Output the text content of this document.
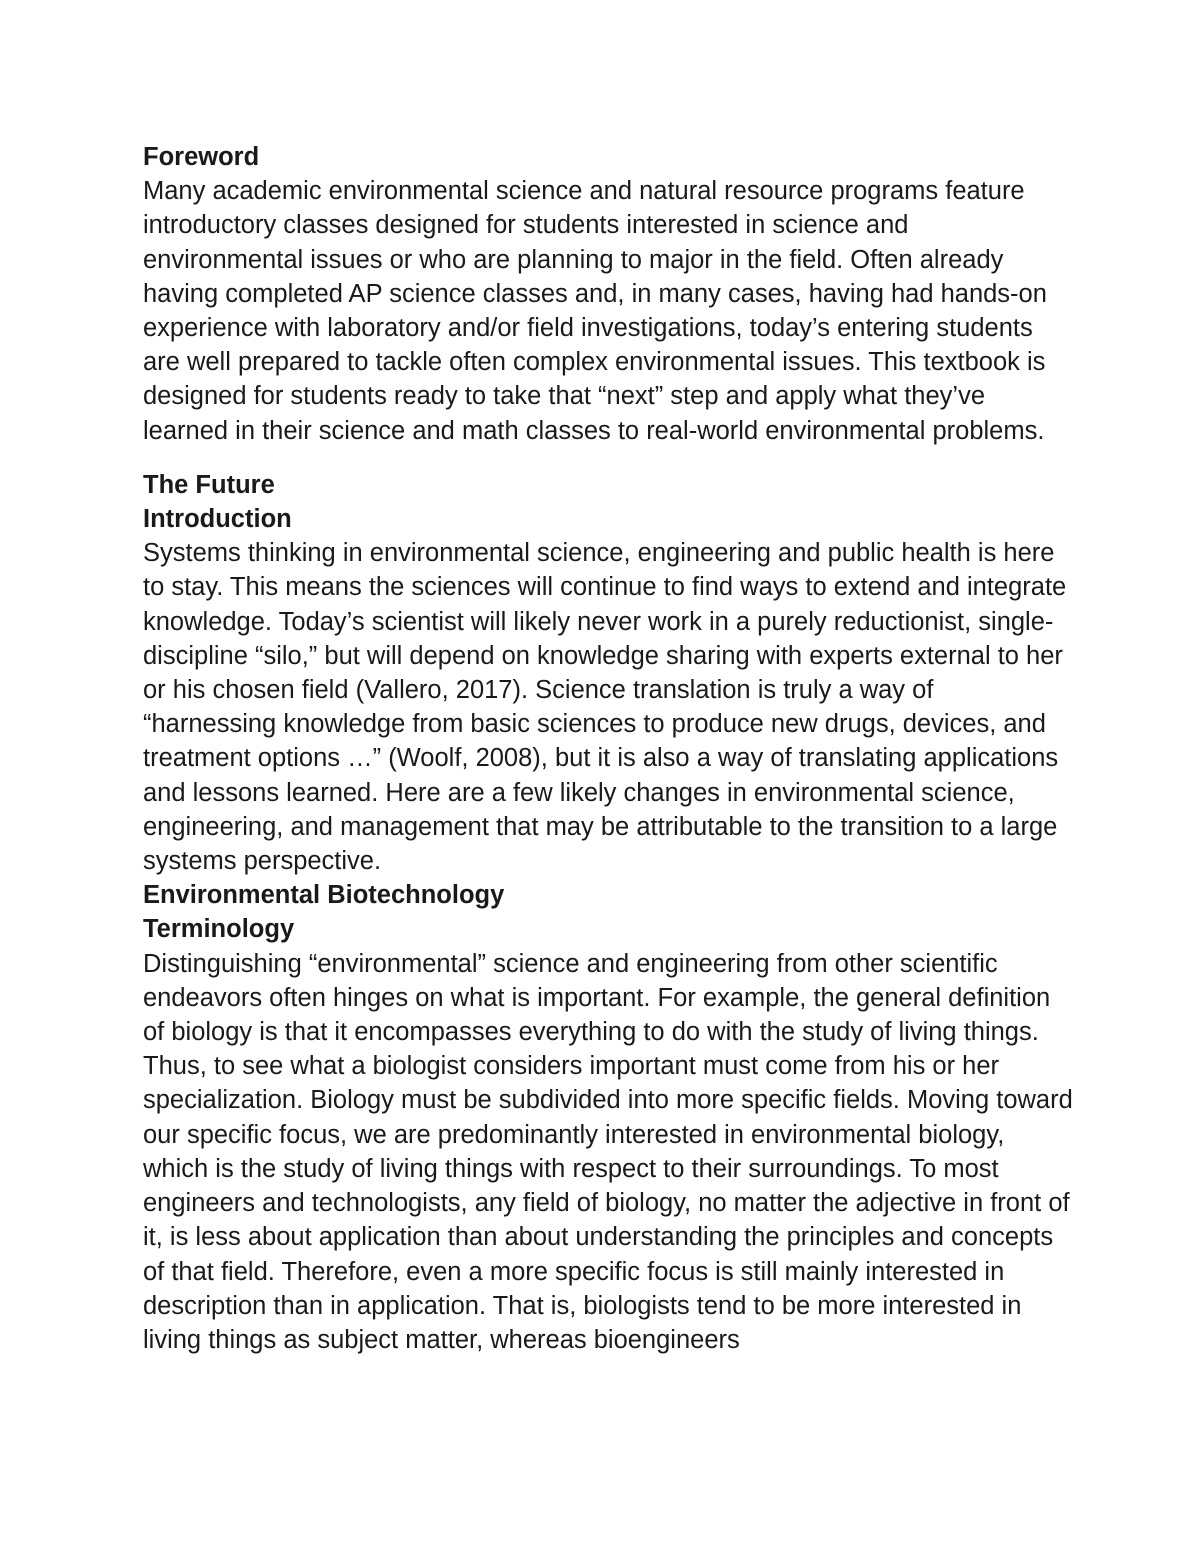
Foreword

Many academic environmental science and natural resource programs feature introductory classes designed for students interested in science and environmental issues or who are planning to major in the field. Often already having completed AP science classes and, in many cases, having had hands-on experience with laboratory and/or field investigations, today’s entering students are well prepared to tackle often complex environmental issues. This textbook is designed for students ready to take that “next” step and apply what they’ve learned in their science and math classes to real-world environmental problems.

The Future

Introduction

Systems thinking in environmental science, engineering and public health is here to stay. This means the sciences will continue to find ways to extend and integrate knowledge. Today’s scientist will likely never work in a purely reductionist, single-discipline “silo,” but will depend on knowledge sharing with experts external to her or his chosen field (Vallero, 2017). Science translation is truly a way of “harnessing knowledge from basic sciences to produce new drugs, devices, and treatment options …” (Woolf, 2008), but it is also a way of translating applications and lessons learned. Here are a few likely changes in environmental science, engineering, and management that may be attributable to the transition to a large systems perspective.

Environmental Biotechnology

Terminology

Distinguishing “environmental” science and engineering from other scientific endeavors often hinges on what is important. For example, the general definition of biology is that it encompasses everything to do with the study of living things. Thus, to see what a biologist considers important must come from his or her specialization. Biology must be subdivided into more specific fields. Moving toward our specific focus, we are predominantly interested in environmental biology, which is the study of living things with respect to their surroundings. To most engineers and technologists, any field of biology, no matter the adjective in front of it, is less about application than about understanding the principles and concepts of that field. Therefore, even a more specific focus is still mainly interested in description than in application. That is, biologists tend to be more interested in living things as subject matter, whereas bioengineers
